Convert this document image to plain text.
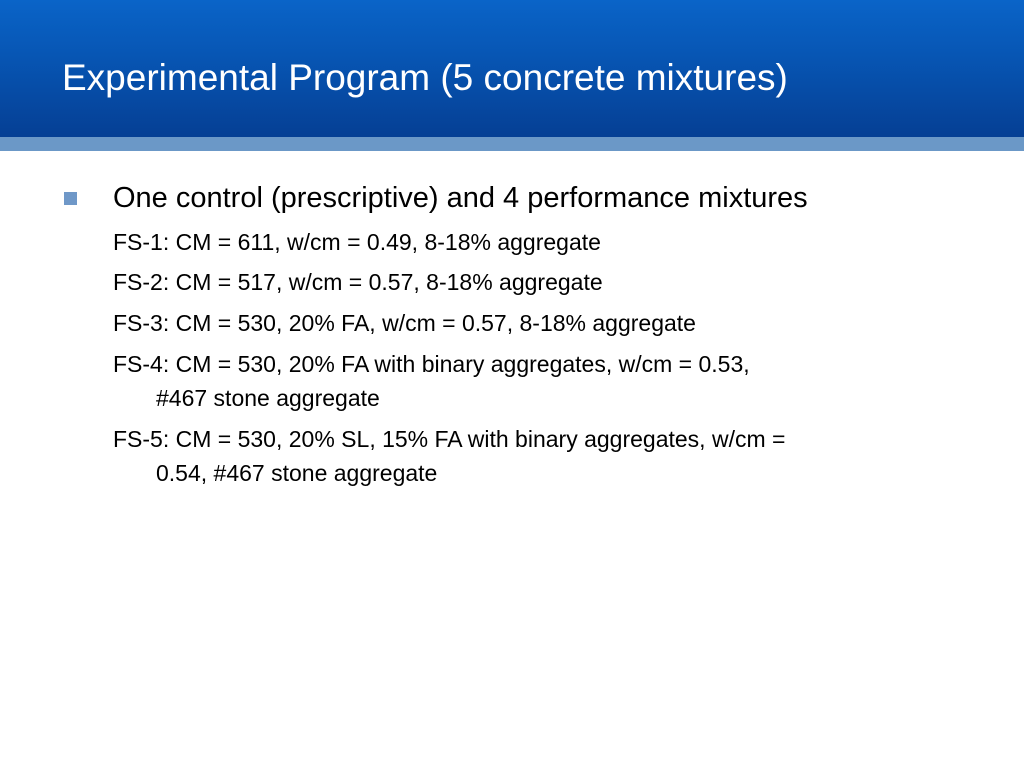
Experimental Program (5 concrete mixtures)
One control (prescriptive) and 4 performance mixtures
FS-1: CM = 611, w/cm = 0.49, 8-18% aggregate
FS-2: CM = 517, w/cm = 0.57, 8-18% aggregate
FS-3: CM = 530, 20% FA, w/cm = 0.57, 8-18% aggregate
FS-4: CM = 530, 20% FA with binary aggregates, w/cm = 0.53,
#467 stone aggregate
FS-5: CM = 530, 20% SL, 15% FA with binary aggregates, w/cm =
0.54, #467 stone aggregate
